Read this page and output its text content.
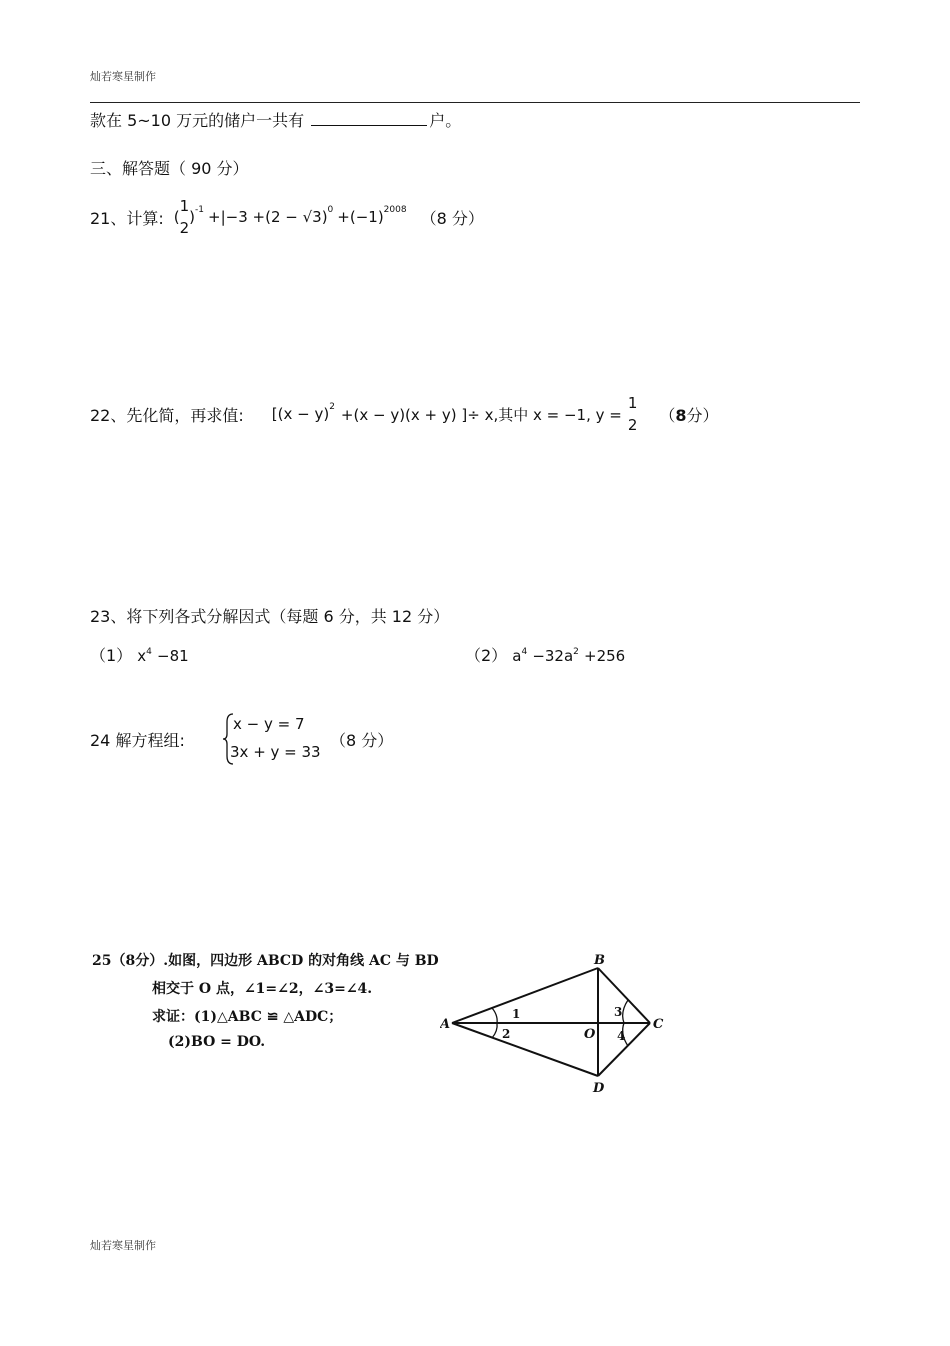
灿若寒星制作
款在 5~10 万元的储户一共有	户。
三、解答题（ 90 分）
21、计算: (
1
2
) -1 +|−3 +(2 − √3) 0 +(−1) 2008 （8 分）
22、先化简，再求值: [(x − y) 2 +(x − y)(x + y) ]÷ x,其中 x = −1, y =
1
2
（8分）
23、将下列各式分解因式（每题 6 分，共 12 分）
（1） $x^4 -81$	（2） $a^4 -32a^2 +256$
24 解方程组:
x − y = 7
3x + y = 33
（8 分）
25（8分）.如图，四边形 ABCD 的对角线 AC 与 BD
相交于 O 点，∠1=∠2，∠3=∠4.
求证：(1)△ABC ≌ △ADC；
(2)BO = DO.
A
B
C
D
O
1
2
3
4
灿若寒星制作
